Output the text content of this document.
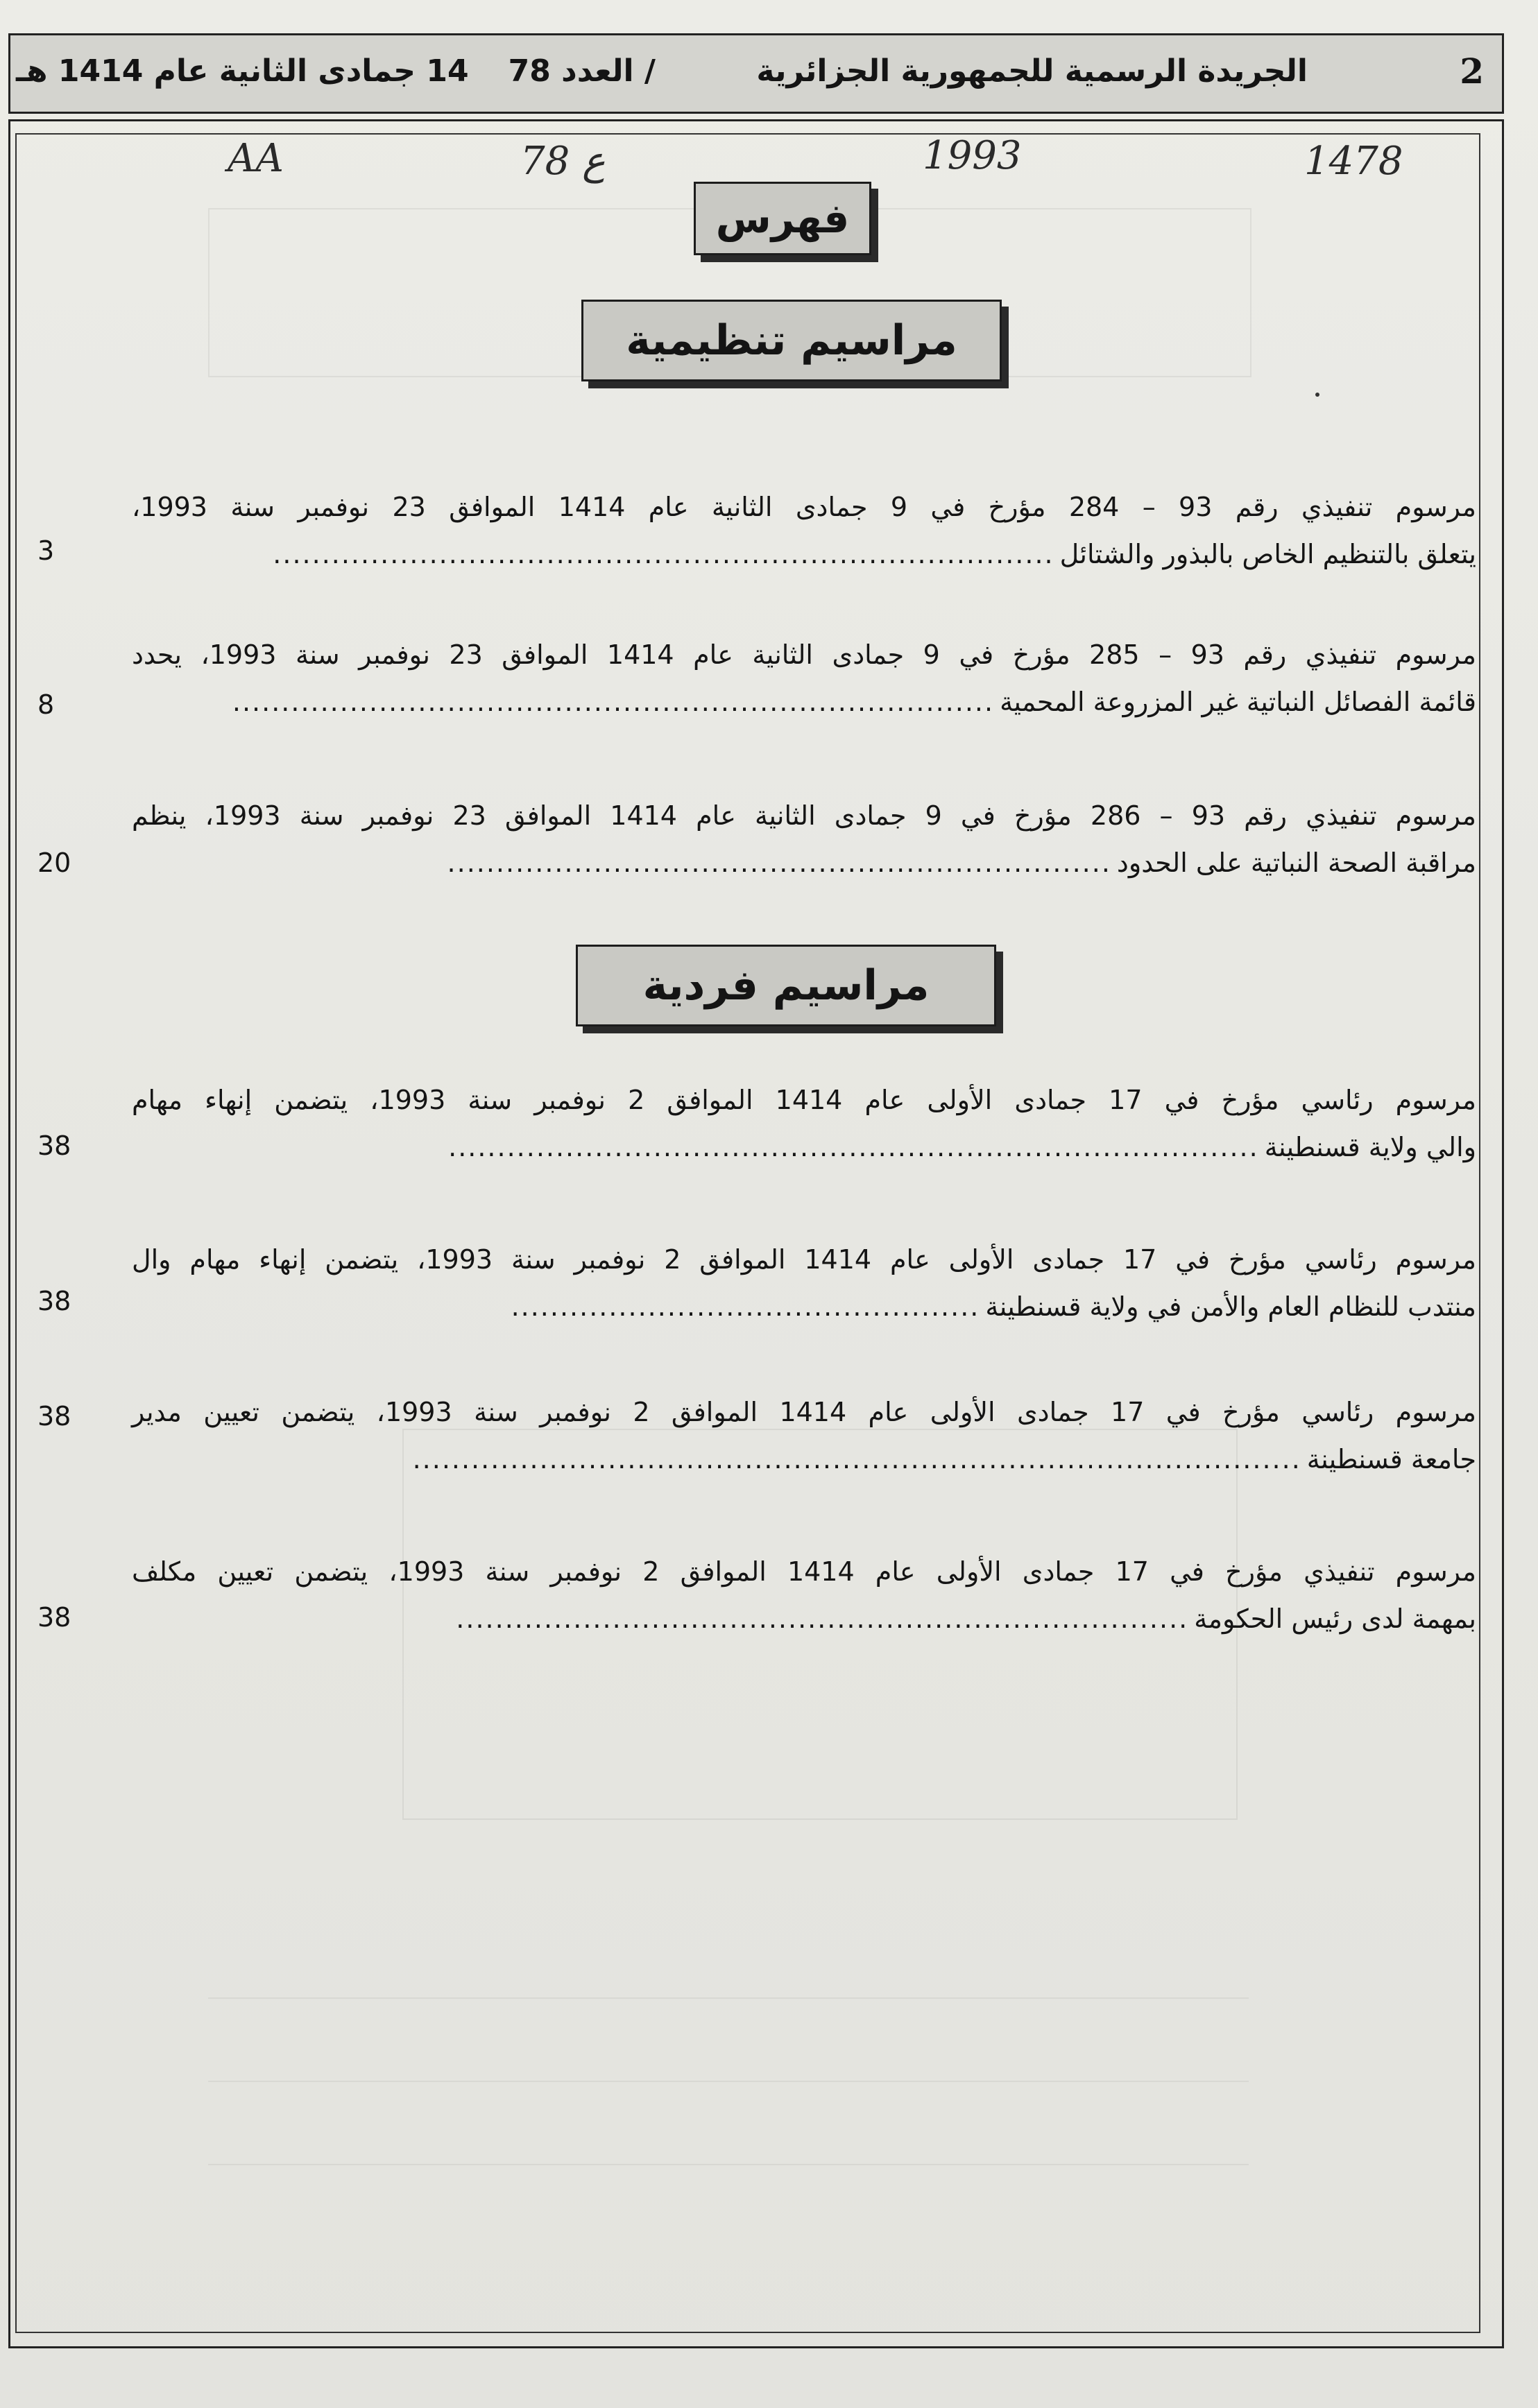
2
الجريدة الرسمية للجمهورية الجزائرية
/ العدد 78
14 جمادى الثانية عام 1414 هـ
AA	78 ع	1993	1478
فهرس
مراسيم تنظيمية
مرسوم تنفيذي رقم 93 – 284 مؤرخ في 9 جمادى الثانية عام 1414 الموافق 23 نوفمبر سنة 1993،
يتعلق بالتنظيم الخاص بالبذور والشتائل................................................................................
3
مرسوم تنفيذي رقم 93 – 285 مؤرخ في 9 جمادى الثانية عام 1414 الموافق 23 نوفمبر سنة 1993، يحدد
قائمة الفصائل النباتية غير المزروعة المحمية..............................................................................
8
مرسوم تنفيذي رقم 93 – 286 مؤرخ في 9 جمادى الثانية عام 1414 الموافق 23 نوفمبر سنة 1993، ينظم
مراقبة الصحة النباتية على الحدود....................................................................
20
مراسيم فردية
مرسوم رئاسي مؤرخ في 17 جمادى الأولى عام 1414 الموافق 2 نوفمبر سنة 1993، يتضمن إنهاء مهام
والي ولاية قسنطينة...................................................................................
38
مرسوم رئاسي مؤرخ في 17 جمادى الأولى عام 1414 الموافق 2 نوفمبر سنة 1993، يتضمن إنهاء مهام وال
منتدب للنظام العام والأمن في ولاية قسنطينة................................................
38
مرسوم رئاسي مؤرخ في 17 جمادى الأولى عام 1414 الموافق 2 نوفمبر سنة 1993، يتضمن تعيين مدير
جامعة قسنطينة...........................................................................................
38
مرسوم تنفيذي مؤرخ في 17 جمادى الأولى عام 1414 الموافق 2 نوفمبر سنة 1993، يتضمن تعيين مكلف
بمهمة لدى رئيس الحكومة...........................................................................
38
